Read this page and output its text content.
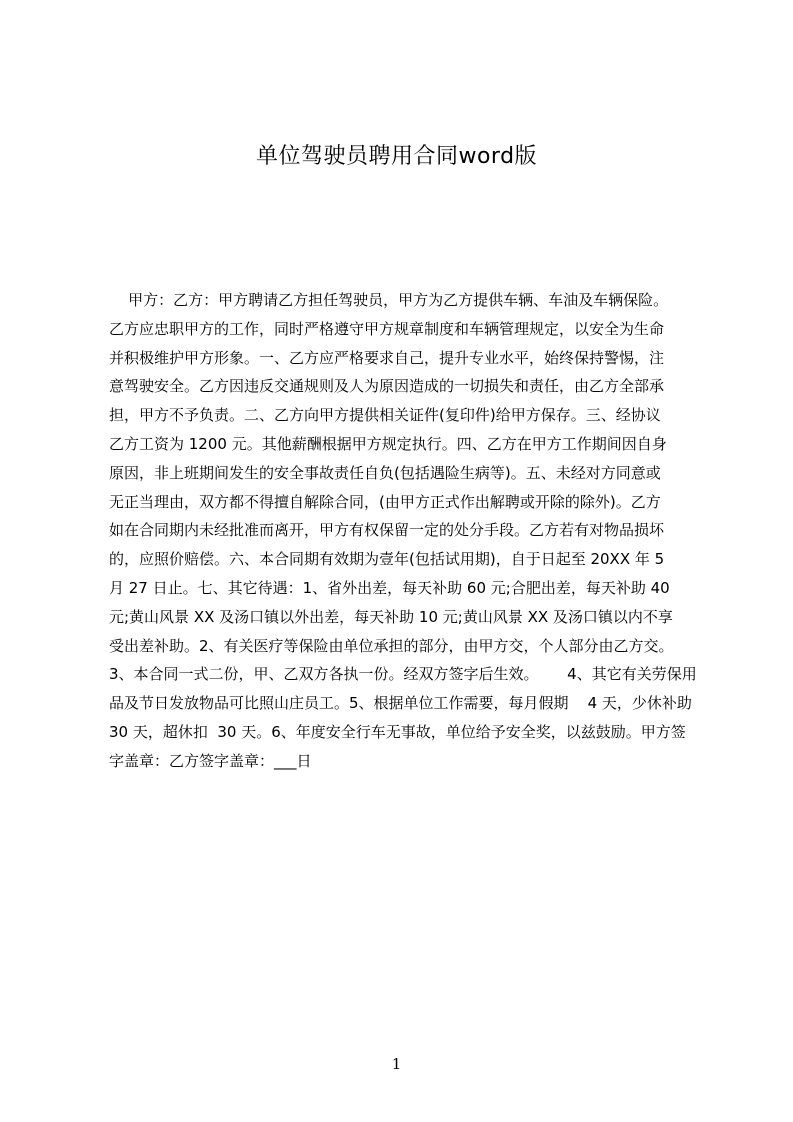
单位驾驶员聘用合同word版
甲方：乙方：甲方聘请乙方担任驾驶员，甲方为乙方提供车辆、车油及车辆保险。
乙方应忠职甲方的工作，同时严格遵守甲方规章制度和车辆管理规定，以安全为生命
并积极维护甲方形象。一、乙方应严格要求自己，提升专业水平，始终保持警惕，注
意驾驶安全。乙方因违反交通规则及人为原因造成的一切损失和责任，由乙方全部承
担，甲方不予负责。二、乙方向甲方提供相关证件(复印件)给甲方保存。三、经协议
乙方工资为 1200 元。其他薪酬根据甲方规定执行。四、乙方在甲方工作期间因自身
原因，非上班期间发生的安全事故责任自负(包括遇险生病等)。五、未经对方同意或
无正当理由，双方都不得擅自解除合同，(由甲方正式作出解聘或开除的除外)。乙方
如在合同期内未经批准而离开，甲方有权保留一定的处分手段。乙方若有对物品损坏
的，应照价赔偿。六、本合同期有效期为壹年(包括试用期)，自于日起至 20XX 年 5
月 27 日止。七、其它待遇：1、省外出差，每天补助 60 元;合肥出差，每天补助 40
元;黄山风景 XX 及汤口镇以外出差，每天补助 10 元;黄山风景 XX 及汤口镇以内不享
受出差补助。2、有关医疗等保险由单位承担的部分，由甲方交，个人部分由乙方交。
3、本合同一式二份，甲、乙双方各执一份。经双方签字后生效。      4、其它有关劳保用
品及节日发放物品可比照山庄员工。5、根据单位工作需要，每月假期    4 天，少休补助
30 天，超休扣  30 天。6、年度安全行车无事故，单位给予安全奖，以兹鼓励。甲方签
字盖章：乙方签字盖章：___日
1
